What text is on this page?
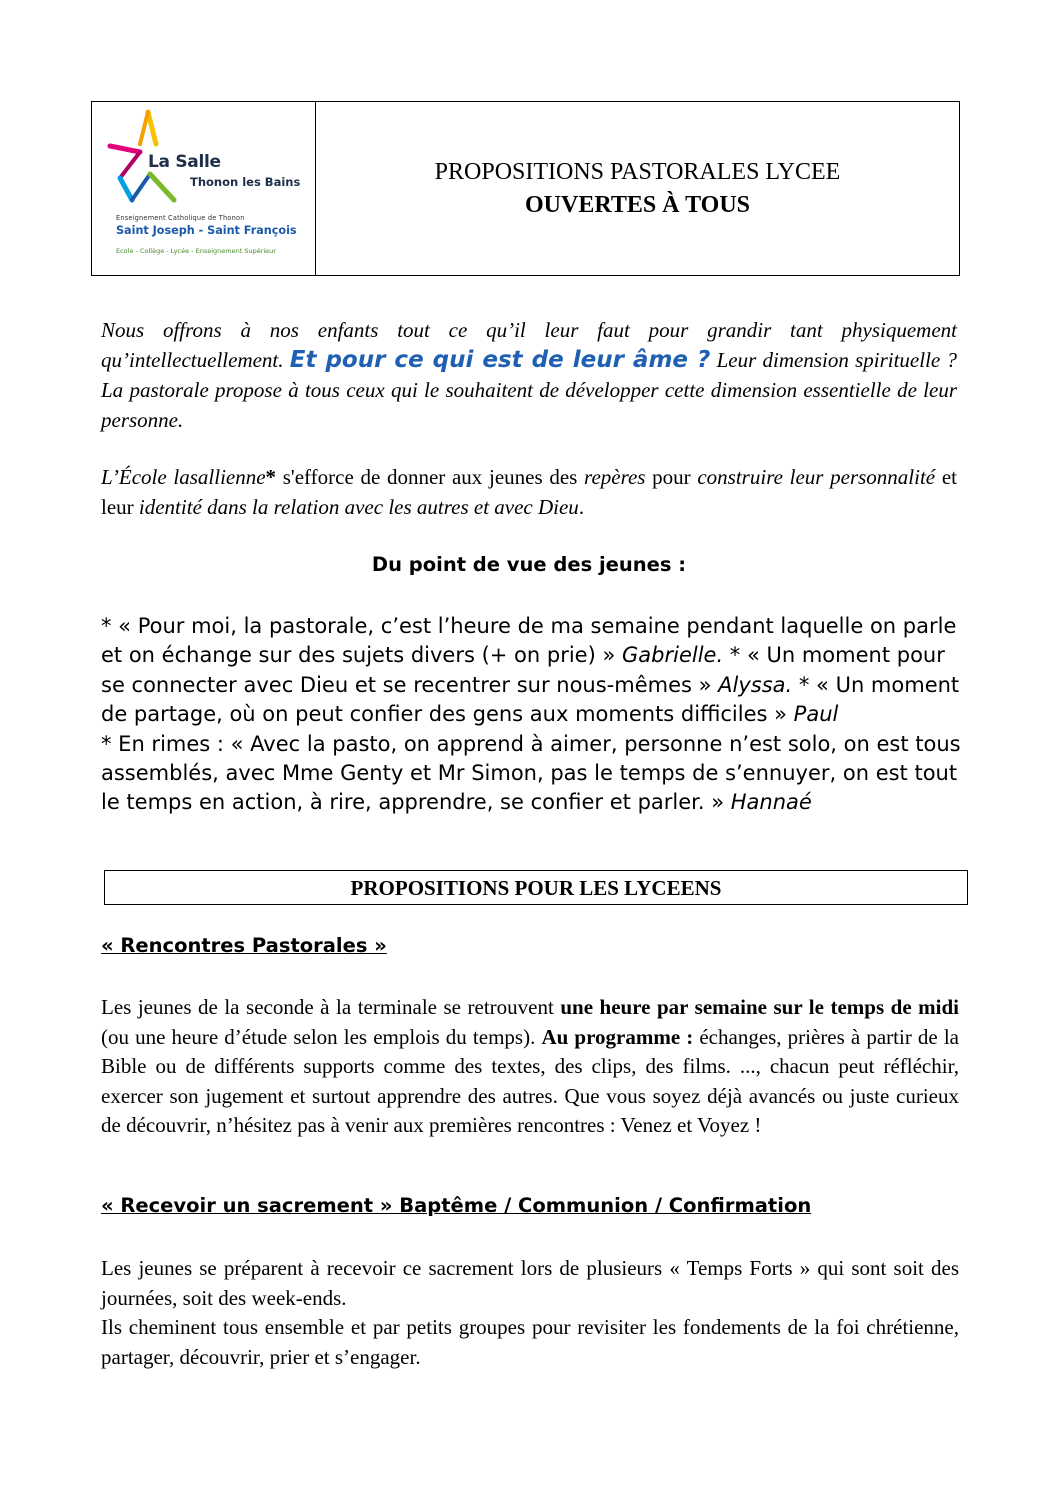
La Salle
Thonon les Bains
Enseignement Catholique de Thonon
Saint Joseph - Saint François
Ecole - Collège - Lycée - Enseignement Supérieur
PROPOSITIONS PASTORALES LYCEE
OUVERTES À TOUS
Nous offrons à nos enfants tout ce qu’il leur faut pour grandir tant physiquement qu’intellectuellement. Et pour ce qui est de leur âme ? Leur dimension spirituelle ? La pastorale propose à tous ceux qui le souhaitent de développer cette dimension essentielle de leur personne.
L’École lasallienne* s'efforce de donner aux jeunes des repères pour construire leur personnalité et leur identité dans la relation avec les autres et avec Dieu.
Du point de vue des jeunes :

* « Pour moi, la pastorale, c’est l’heure de ma semaine pendant laquelle on parle et on échange sur des sujets divers (+ on prie) » Gabrielle. * « Un moment pour se connecter avec Dieu et se recentrer sur nous-mêmes » Alyssa. * « Un moment de partage, où on peut confier des gens aux moments difficiles » Paul

* En rimes : « Avec la pasto, on apprend à aimer, personne n’est solo, on est tous assemblés, avec Mme Genty et Mr Simon, pas le temps de s’ennuyer, on est tout le temps en action, à rire, apprendre, se confier et parler. » Hannaé

PROPOSITIONS POUR LES LYCEENS
« Rencontres Pastorales »
Les jeunes de la seconde à la terminale se retrouvent une heure par semaine sur le temps de midi (ou une heure d’étude selon les emplois du temps). Au programme : échanges, prières à partir de la Bible ou de différents supports comme des textes, des clips, des films. ..., chacun peut réfléchir, exercer son jugement et surtout apprendre des autres. Que vous soyez déjà avancés ou juste curieux de découvrir, n’hésitez pas à venir aux premières rencontres : Venez et Voyez !
« Recevoir un sacrement » Baptême / Communion / Confirmation

Les jeunes se préparent à recevoir ce sacrement lors de plusieurs « Temps Forts » qui sont soit des journées, soit des week-ends.

Ils cheminent tous ensemble et par petits groupes pour revisiter les fondements de la foi chrétienne, partager, découvrir, prier et s’engager.
